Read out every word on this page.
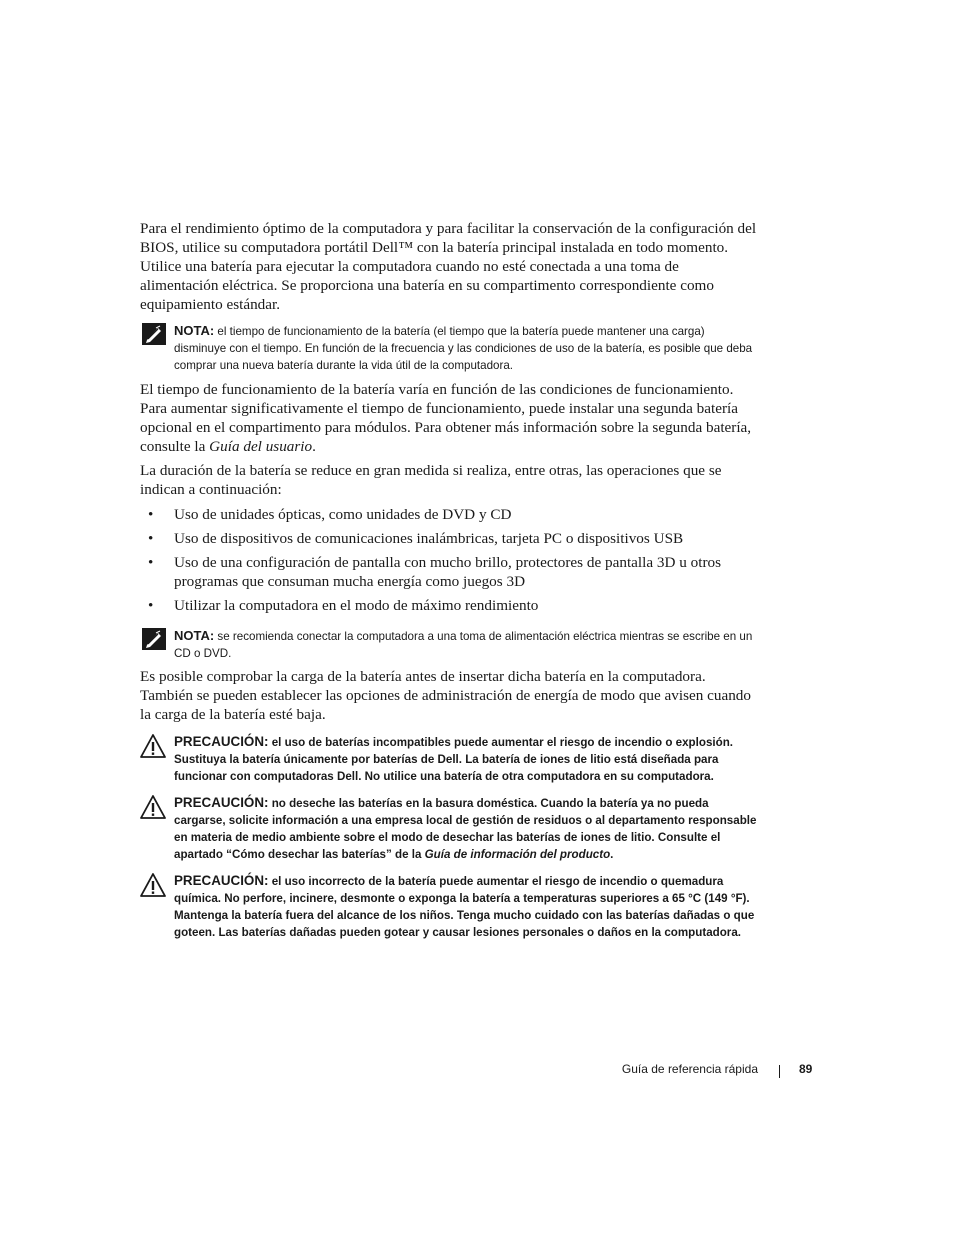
Para el rendimiento óptimo de la computadora y para facilitar la conservación de la configuración del BIOS, utilice su computadora portátil Dell™ con la batería principal instalada en todo momento. Utilice una batería para ejecutar la computadora cuando no esté conectada a una toma de alimentación eléctrica. Se proporciona una batería en su compartimento correspondiente como equipamiento estándar.

NOTA: el tiempo de funcionamiento de la batería (el tiempo que la batería puede mantener una carga) disminuye con el tiempo. En función de la frecuencia y las condiciones de uso de la batería, es posible que deba comprar una nueva batería durante la vida útil de la computadora.

El tiempo de funcionamiento de la batería varía en función de las condiciones de funcionamiento. Para aumentar significativamente el tiempo de funcionamiento, puede instalar una segunda batería opcional en el compartimento para módulos. Para obtener más información sobre la segunda batería, consulte la Guía del usuario.

La duración de la batería se reduce en gran medida si realiza, entre otras, las operaciones que se indican a continuación:

• Uso de unidades ópticas, como unidades de DVD y CD
• Uso de dispositivos de comunicaciones inalámbricas, tarjeta PC o dispositivos USB
• Uso de una configuración de pantalla con mucho brillo, protectores de pantalla 3D u otros programas que consuman mucha energía como juegos 3D
• Utilizar la computadora en el modo de máximo rendimiento

NOTA: se recomienda conectar la computadora a una toma de alimentación eléctrica mientras se escribe en un CD o DVD.

Es posible comprobar la carga de la batería antes de insertar dicha batería en la computadora. También se pueden establecer las opciones de administración de energía de modo que avisen cuando la carga de la batería esté baja.

PRECAUCIÓN: el uso de baterías incompatibles puede aumentar el riesgo de incendio o explosión. Sustituya la batería únicamente por baterías de Dell. La batería de iones de litio está diseñada para funcionar con computadoras Dell. No utilice una batería de otra computadora en su computadora.

PRECAUCIÓN: no deseche las baterías en la basura doméstica. Cuando la batería ya no pueda cargarse, solicite información a una empresa local de gestión de residuos o al departamento responsable en materia de medio ambiente sobre el modo de desechar las baterías de iones de litio. Consulte el apartado “Cómo desechar las baterías” de la Guía de información del producto.

PRECAUCIÓN: el uso incorrecto de la batería puede aumentar el riesgo de incendio o quemadura química. No perfore, incinere, desmonte o exponga la batería a temperaturas superiores a 65 °C (149 °F). Mantenga la batería fuera del alcance de los niños. Tenga mucho cuidado con las baterías dañadas o que goteen. Las baterías dañadas pueden gotear y causar lesiones personales o daños en la computadora.

Guía de referencia rápida	89
